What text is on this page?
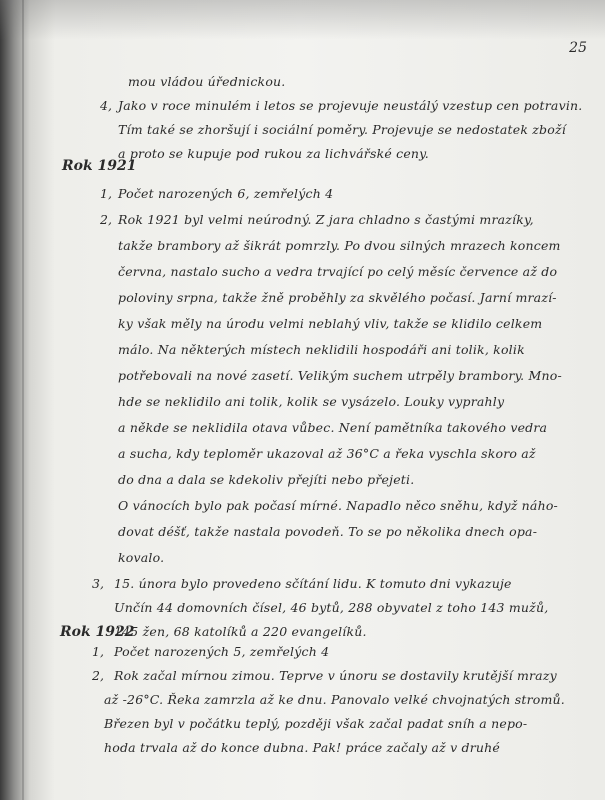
25
mou vládou úřednickou.
4, Jako v roce minulém i letos se projevuje neustálý vzestup cen potravin.
Tím také se zhoršují i sociální poměry. Projevuje se nedostatek zboží
a proto se kupuje pod rukou za lichvářské ceny.
Rok 1921
1, Počet narozených 6, zemřelých 4
2, Rok 1921 byl velmi neúrodný. Z jara chladno s častými mrazíky,
takže brambory až šikrát pomrzly. Po dvou silných mrazech koncem
června, nastalo sucho a vedra trvající po celý měsíc července až do
poloviny srpna, takže žně proběhly za skvělého počasí. Jarní mrazí-
ky však měly na úrodu velmi neblahý vliv, takže se klidilo celkem
málo. Na některých místech neklidili hospodáři ani tolik, kolik
potřebovali na nové zasetí. Velikým suchem utrpěly brambory. Mno-
hde se neklidilo ani tolik, kolik se vysázelo. Louky vyprahly
a někde se neklidila otava vůbec. Není pamětníka takového vedra
a sucha, kdy teploměr ukazoval až 36°C a řeka vyschla skoro až
do dna a dala se kdekoliv přejíti nebo přejeti.
O vánocích bylo pak počasí mírné. Napadlo něco sněhu, když náho-
dovat déšť, takže nastala povodeň. To se po několika dnech opa-
kovalo.
3, 15. února bylo provedeno sčítání lidu. K tomuto dni vykazuje
Unčín 44 domovních čísel, 46 bytů, 288 obyvatel z toho 143 mužů,
145 žen, 68 katolíků a 220 evangelíků.
Rok 1922
1, Počet narozených 5, zemřelých 4
2, Rok začal mírnou zimou. Teprve v únoru se dostavily krutější mrazy
až -26°C. Řeka zamrzla až ke dnu. Panovalo velké chvojnatých stromů.
Březen byl v počátku teplý, později však začal padat sníh a nepo-
hoda trvala až do konce dubna. Pak! práce začaly až v druhé
